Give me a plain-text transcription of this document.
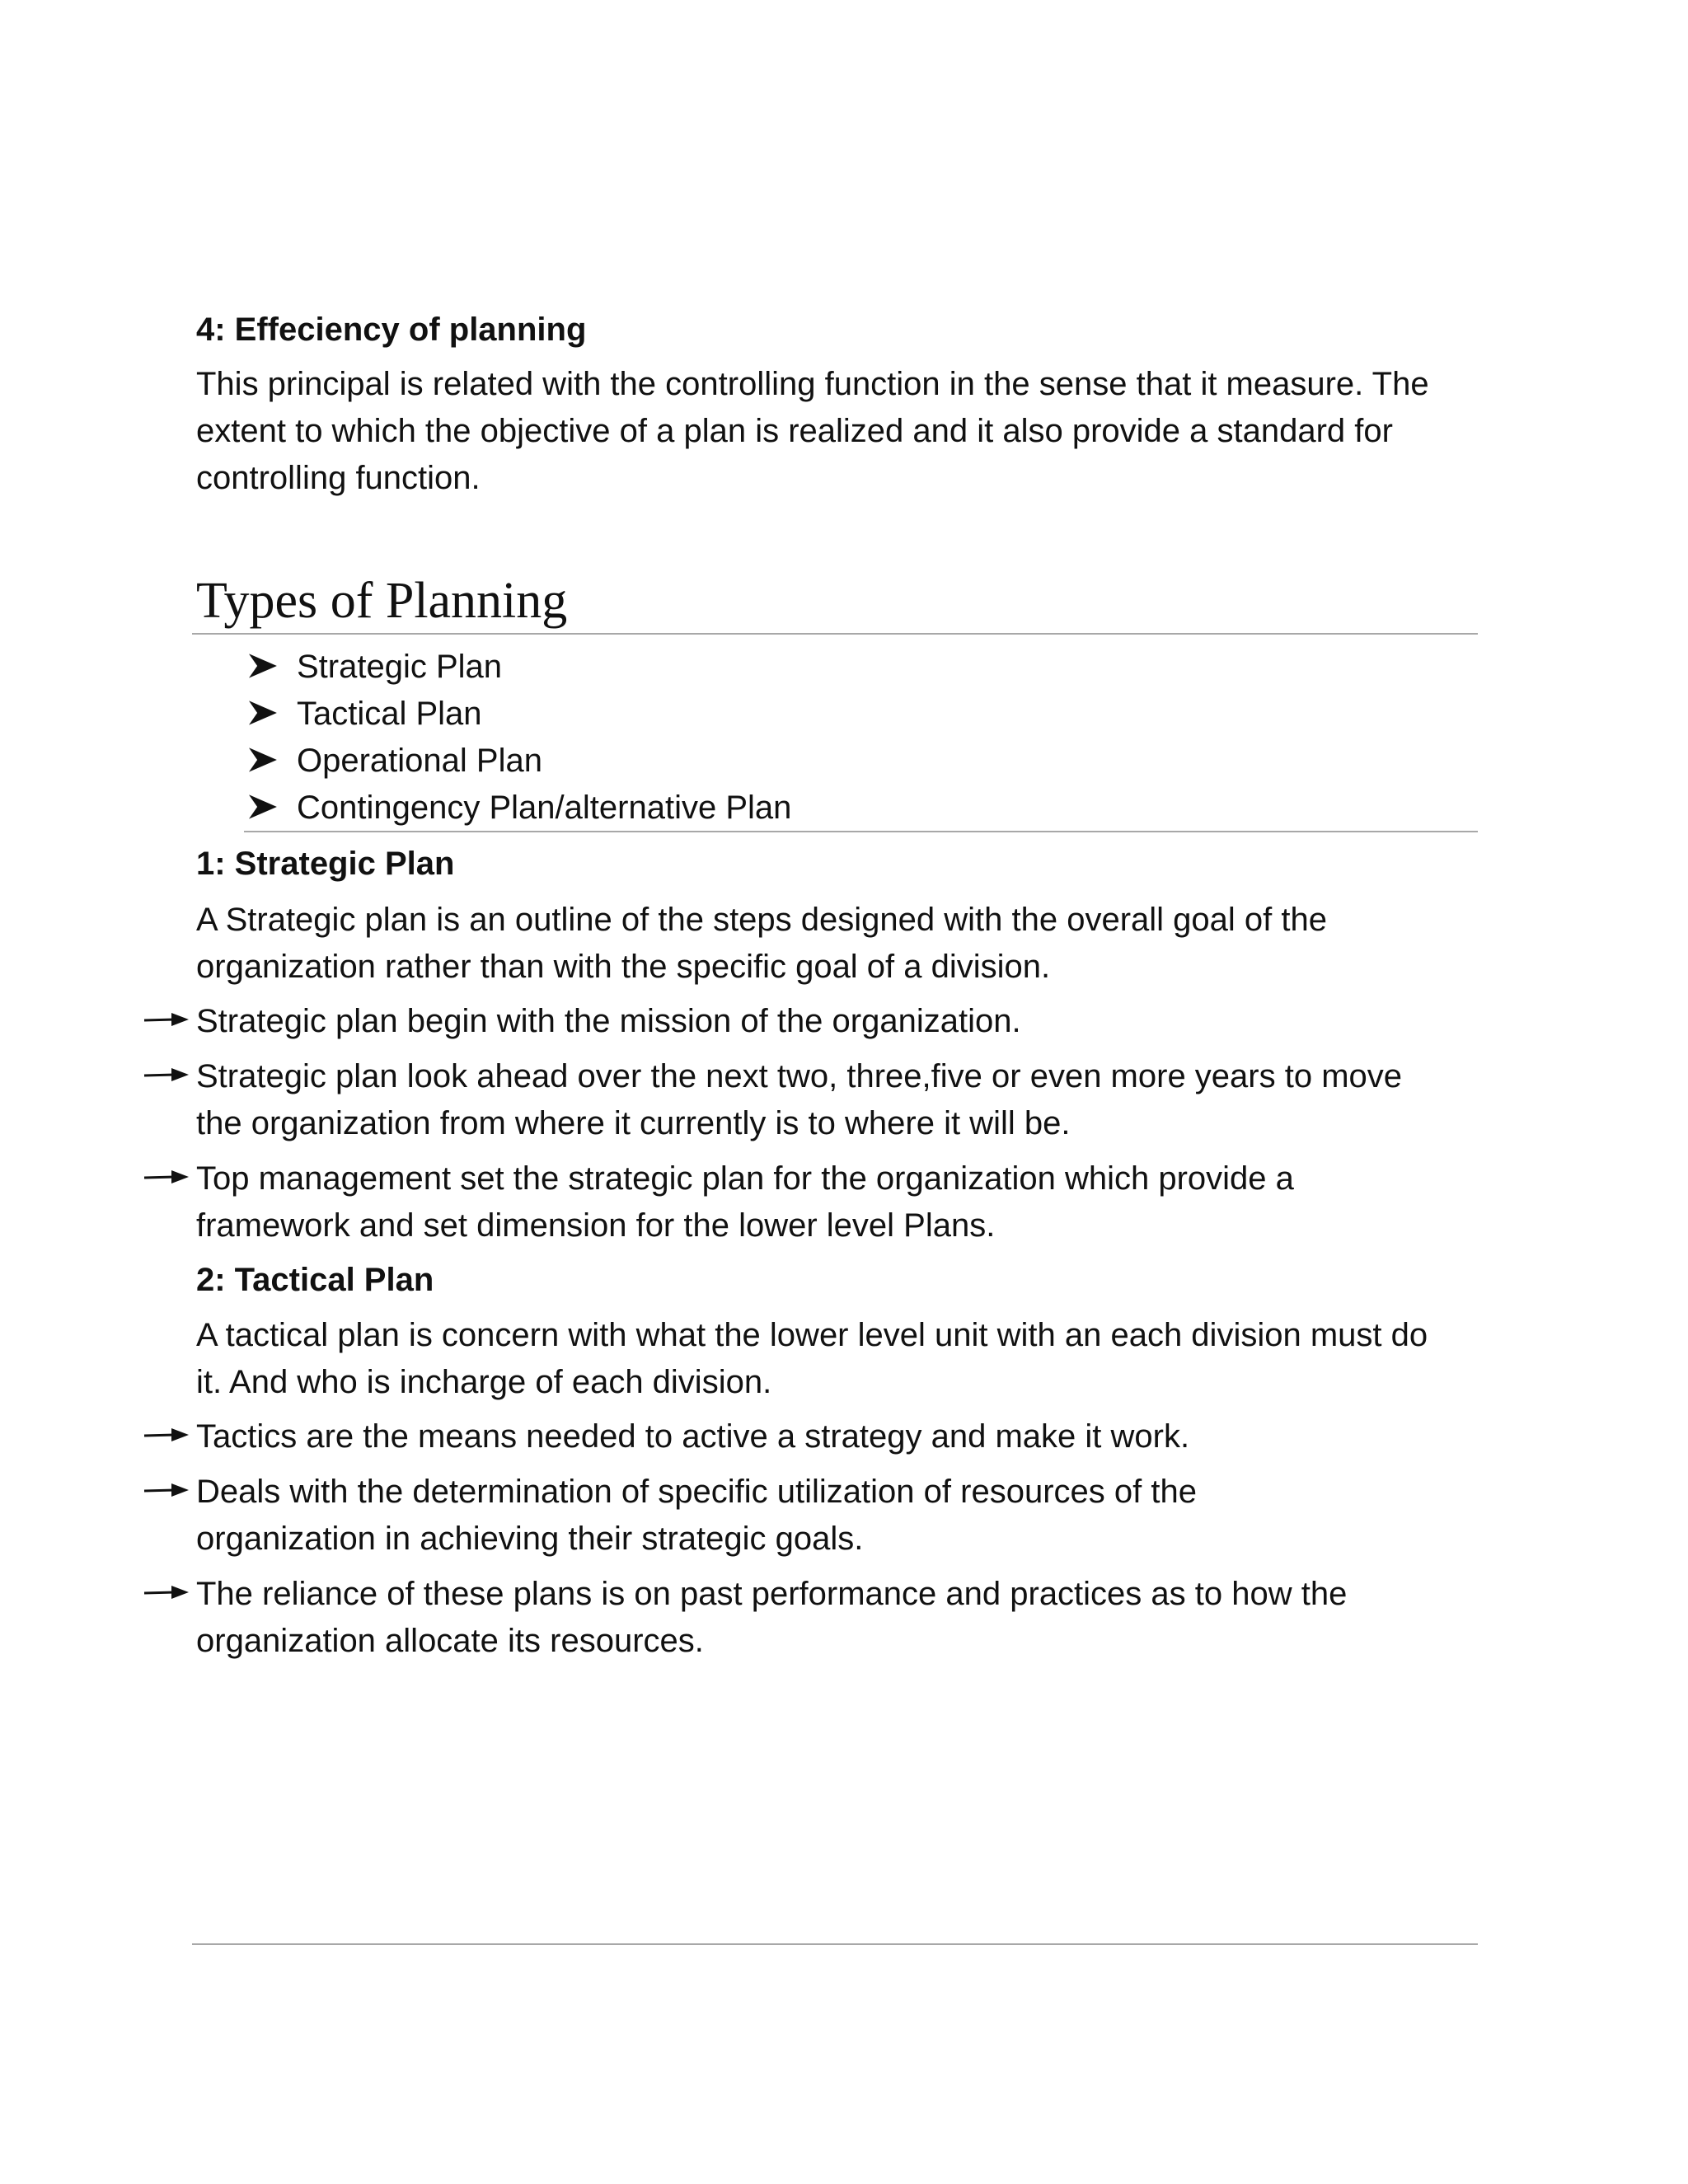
4: Effeciency of planning
This principal is related with the controlling function in the sense that it measure. The extent to which the objective of a plan is realized and it also provide a standard for controlling function.
Types of Planning
Strategic Plan
Tactical Plan
Operational Plan
Contingency Plan/alternative Plan
1: Strategic Plan
A Strategic plan is an outline of the steps designed with the overall goal of the organization rather than with the specific goal of a division.
Strategic plan begin with the mission of the organization.
Strategic plan look ahead over the next two, three,five or even more years to move the organization from where it currently is to where it will be.
Top management set the strategic plan for the organization which provide a framework and set dimension for the lower level Plans.
2: Tactical Plan
A tactical plan is concern with what the lower level unit with an each division must do it. And who is incharge of each division.
Tactics are the means needed to active a strategy and make it work.
Deals with the determination of specific utilization of resources of the organization in achieving their strategic goals.
The reliance of these plans is on past performance and practices as to how the organization allocate its resources.
